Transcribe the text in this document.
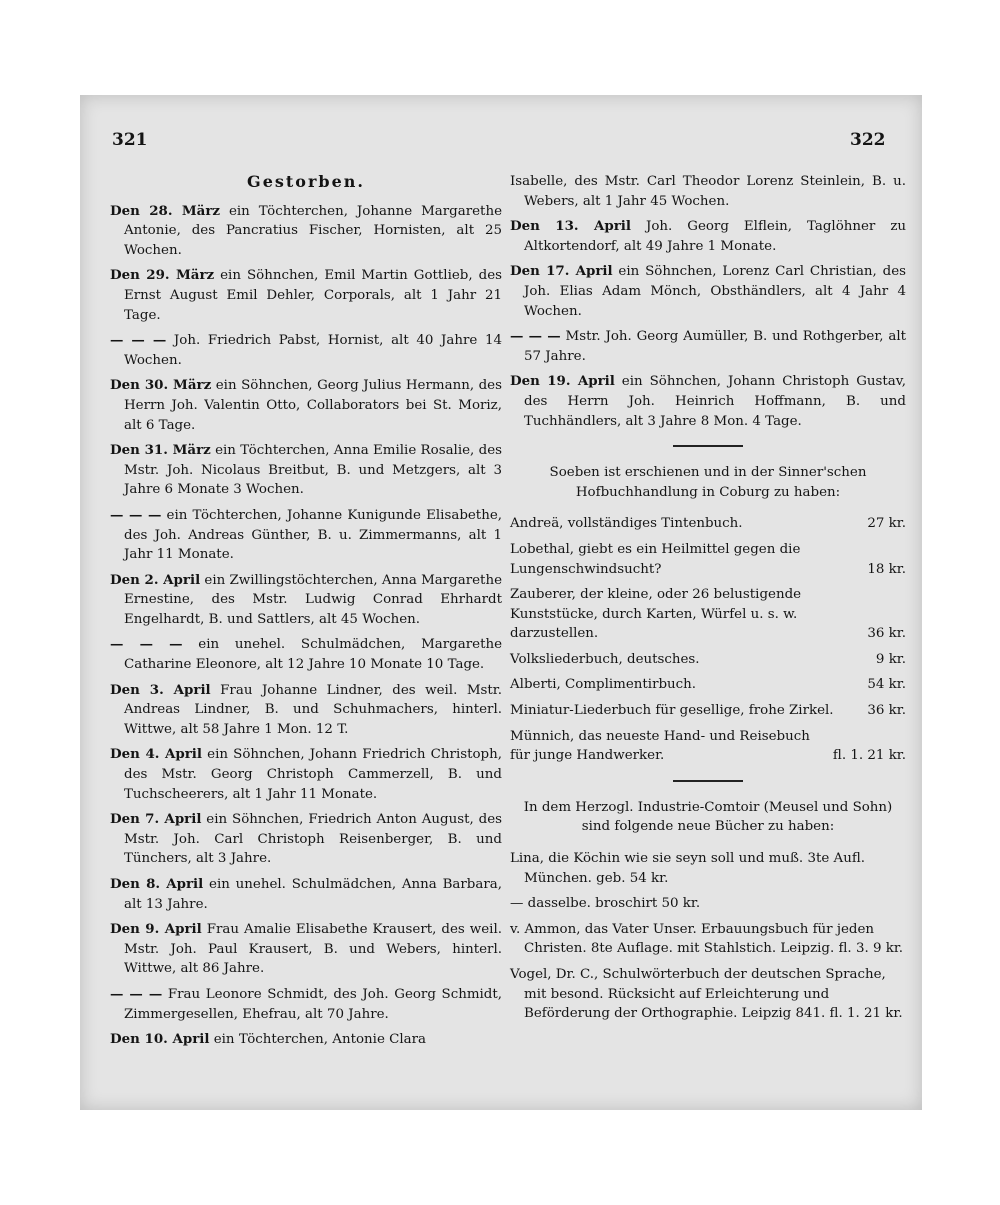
321	322
Gestorben.

Den 28. März ein Töchterchen, Johanne Margarethe Antonie, des Pancratius Fischer, Hornisten, alt 25 Wochen.

Den 29. März ein Söhnchen, Emil Martin Gottlieb, des Ernst August Emil Dehler, Corporals, alt 1 Jahr 21 Tage.

— — — Joh. Friedrich Pabst, Hornist, alt 40 Jahre 14 Wochen.

Den 30. März ein Söhnchen, Georg Julius Hermann, des Herrn Joh. Valentin Otto, Collaborators bei St. Moriz, alt 6 Tage.

Den 31. März ein Töchterchen, Anna Emilie Rosalie, des Mstr. Joh. Nicolaus Breitbut, B. und Metzgers, alt 3 Jahre 6 Monate 3 Wochen.

— — — ein Töchterchen, Johanne Kunigunde Elisabethe, des Joh. Andreas Günther, B. u. Zimmermanns, alt 1 Jahr 11 Monate.

Den 2. April ein Zwillingstöchterchen, Anna Margarethe Ernestine, des Mstr. Ludwig Conrad Ehrhardt Engelhardt, B. und Sattlers, alt 45 Wochen.

— — — ein unehel. Schulmädchen, Margarethe Catharine Eleonore, alt 12 Jahre 10 Monate 10 Tage.

Den 3. April Frau Johanne Lindner, des weil. Mstr. Andreas Lindner, B. und Schuhmachers, hinterl. Wittwe, alt 58 Jahre 1 Mon. 12 T.

Den 4. April ein Söhnchen, Johann Friedrich Christoph, des Mstr. Georg Christoph Cammerzell, B. und Tuchscheerers, alt 1 Jahr 11 Monate.

Den 7. April ein Söhnchen, Friedrich Anton August, des Mstr. Joh. Carl Christoph Reisenberger, B. und Tünchers, alt 3 Jahre.

Den 8. April ein unehel. Schulmädchen, Anna Barbara, alt 13 Jahre.

Den 9. April Frau Amalie Elisabethe Krausert, des weil. Mstr. Joh. Paul Krausert, B. und Webers, hinterl. Wittwe, alt 86 Jahre.

— — — Frau Leonore Schmidt, des Joh. Georg Schmidt, Zimmergesellen, Ehefrau, alt 70 Jahre.

Den 10. April ein Töchterchen, Antonie Clara

Isabelle, des Mstr. Carl Theodor Lorenz Steinlein, B. u. Webers, alt 1 Jahr 45 Wochen.

Den 13. April Joh. Georg Elflein, Taglöhner zu Altkortendorf, alt 49 Jahre 1 Monate.

Den 17. April ein Söhnchen, Lorenz Carl Christian, des Joh. Elias Adam Mönch, Obsthändlers, alt 4 Jahr 4 Wochen.

— — — Mstr. Joh. Georg Aumüller, B. und Rothgerber, alt 57 Jahre.

Den 19. April ein Söhnchen, Johann Christoph Gustav, des Herrn Joh. Heinrich Hoffmann, B. und Tuchhändlers, alt 3 Jahre 8 Mon. 4 Tage.

Soeben ist erschienen und in der Sinner'schen Hofbuchhandlung in Coburg zu haben:
Andreä, vollständiges Tintenbuch.	27 kr.
Lobethal, giebt es ein Heilmittel gegen die Lungenschwindsucht?	18 kr.
Zauberer, der kleine, oder 26 belustigende Kunststücke, durch Karten, Würfel u. s. w. darzustellen.	36 kr.
Volksliederbuch, deutsches.	9 kr.
Alberti, Complimentirbuch.	54 kr.
Miniatur-Liederbuch für gesellige, frohe Zirkel.	36 kr.
Münnich, das neueste Hand- und Reisebuch für junge Handwerker.	fl. 1. 21 kr.
In dem Herzogl. Industrie-Comtoir (Meusel und Sohn) sind folgende neue Bücher zu haben:

Lina, die Köchin wie sie seyn soll und muß. 3te Aufl. München. geb. 54 kr.

— dasselbe. broschirt 50 kr.

v. Ammon, das Vater Unser. Erbauungsbuch für jeden Christen. 8te Auflage. mit Stahlstich. Leipzig. fl. 3. 9 kr.

Vogel, Dr. C., Schulwörterbuch der deutschen Sprache, mit besond. Rücksicht auf Erleichterung und Beförderung der Orthographie. Leipzig 841. fl. 1. 21 kr.
